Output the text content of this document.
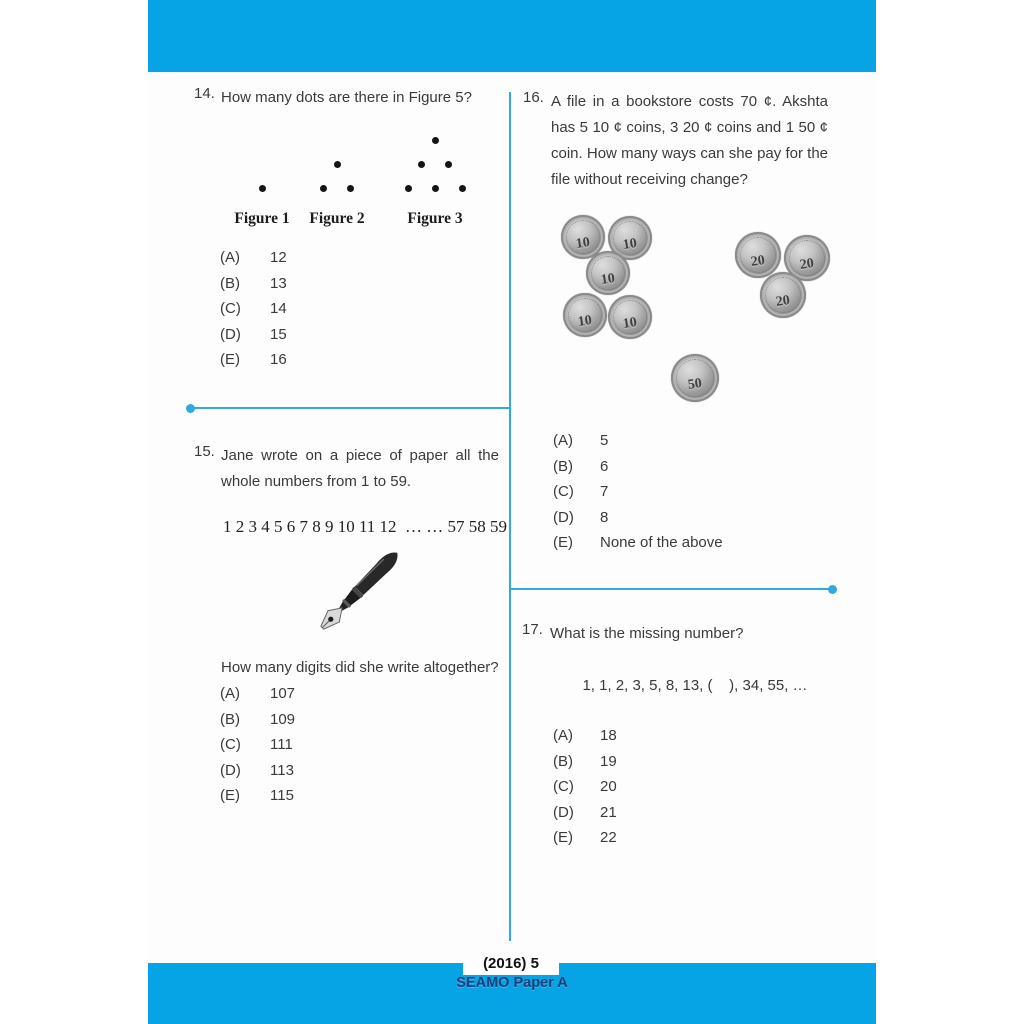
14. How many dots are there in Figure 5?
Figure 1	Figure 2	Figure 3
(A)	12
(B)	13
(C)	14
(D)	15
(E)	16
15. Jane wrote on a piece of paper all the whole numbers from 1 to 59.
1 2 3 4 5 6 7 8 9 10 11 12  … … 57 58 59
How many digits did she write altogether?
(A)	107
(B)	109
(C)	111
(D)	113
(E)	115
16. A file in a bookstore costs 70 ¢. Akshta has 5 10 ¢ coins, 3 20 ¢ coins and 1 50 ¢ coin. How many ways can she pay for the file without receiving change?
10 10
10
10 10
20 20
20
50
(A)	5
(B)	6
(C)	7
(D)	8
(E)	None of the above
17. What is the missing number?
1, 1, 2, 3, 5, 8, 13, (    ), 34, 55, …
(A)	18
(B)	19
(C)	20
(D)	21
(E)	22
(2016) 5
SEAMO Paper A
